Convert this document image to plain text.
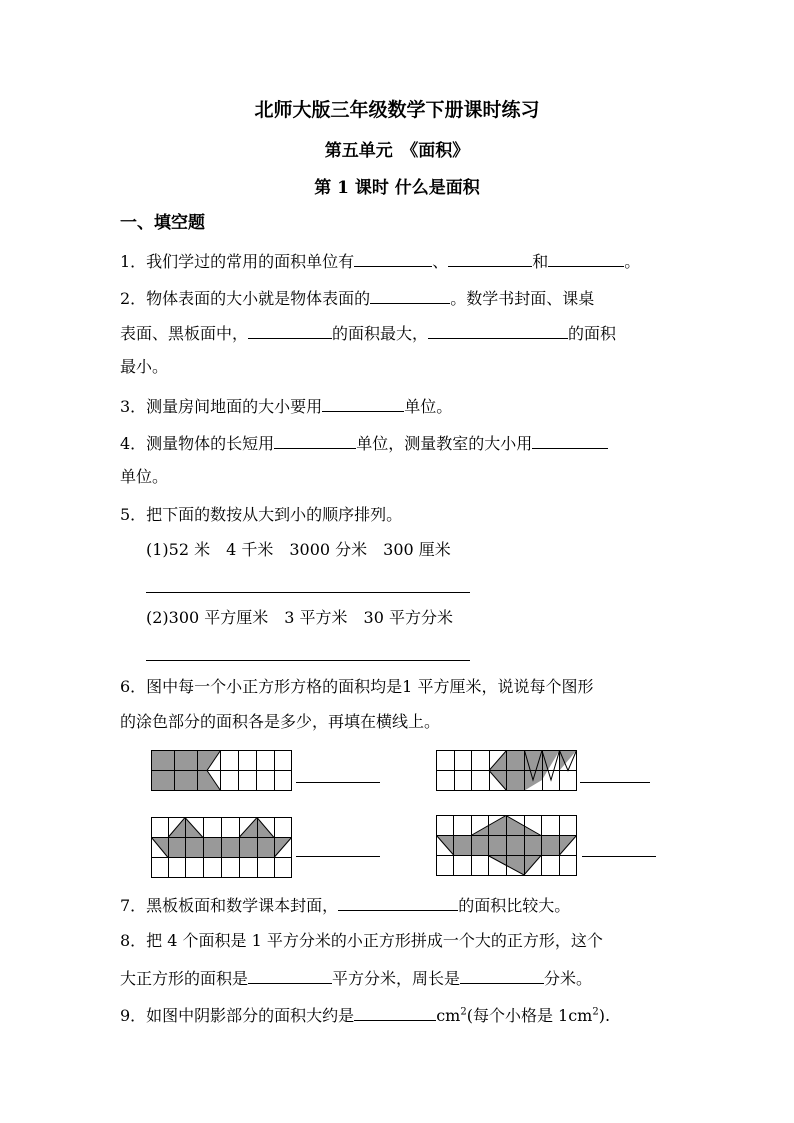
北师大版三年级数学下册课时练习

第五单元　《面积》

第 1 课时 什么是面积

一、填空题

1．我们学过的常用的面积单位有	、	和	。

2．物体表面的大小就是物体表面的	。数学书封面、课桌

表面、黑板面中，	的面积最大，	的面积

最小。

3．测量房间地面的大小要用	单位。

4．测量物体的长短用	单位，测量教室的大小用

单位。

5．把下面的数按从大到小的顺序排列。

(1)52 米　4 千米　3000 分米　300 厘米

(2)300 平方厘米　3 平方米　30 平方分米

6．图中每一个小正方形方格的面积均是1 平方厘米，说说每个图形

的涂色部分的面积各是多少，再填在横线上。

7．黑板板面和数学课本封面，	的面积比较大。

8．把 4 个面积是 1 平方分米的小正方形拼成一个大的正方形，这个

大正方形的面积是	平方分米，周长是	分米。

9．如图中阴影部分的面积大约是	$cm^2$(每个小格是 $1cm^2$).
